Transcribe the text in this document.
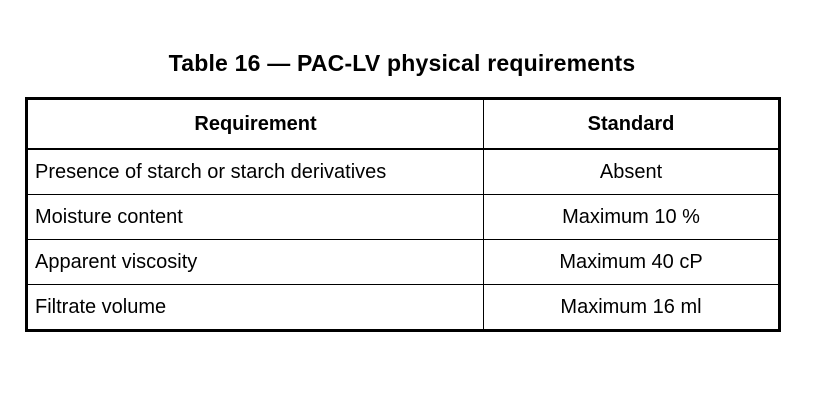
Table 16 — PAC-LV physical requirements
Requirement	Standard
Presence of starch or starch derivatives	Absent
Moisture content	Maximum 10 %
Apparent viscosity	Maximum 40 cP
Filtrate volume	Maximum 16 ml
